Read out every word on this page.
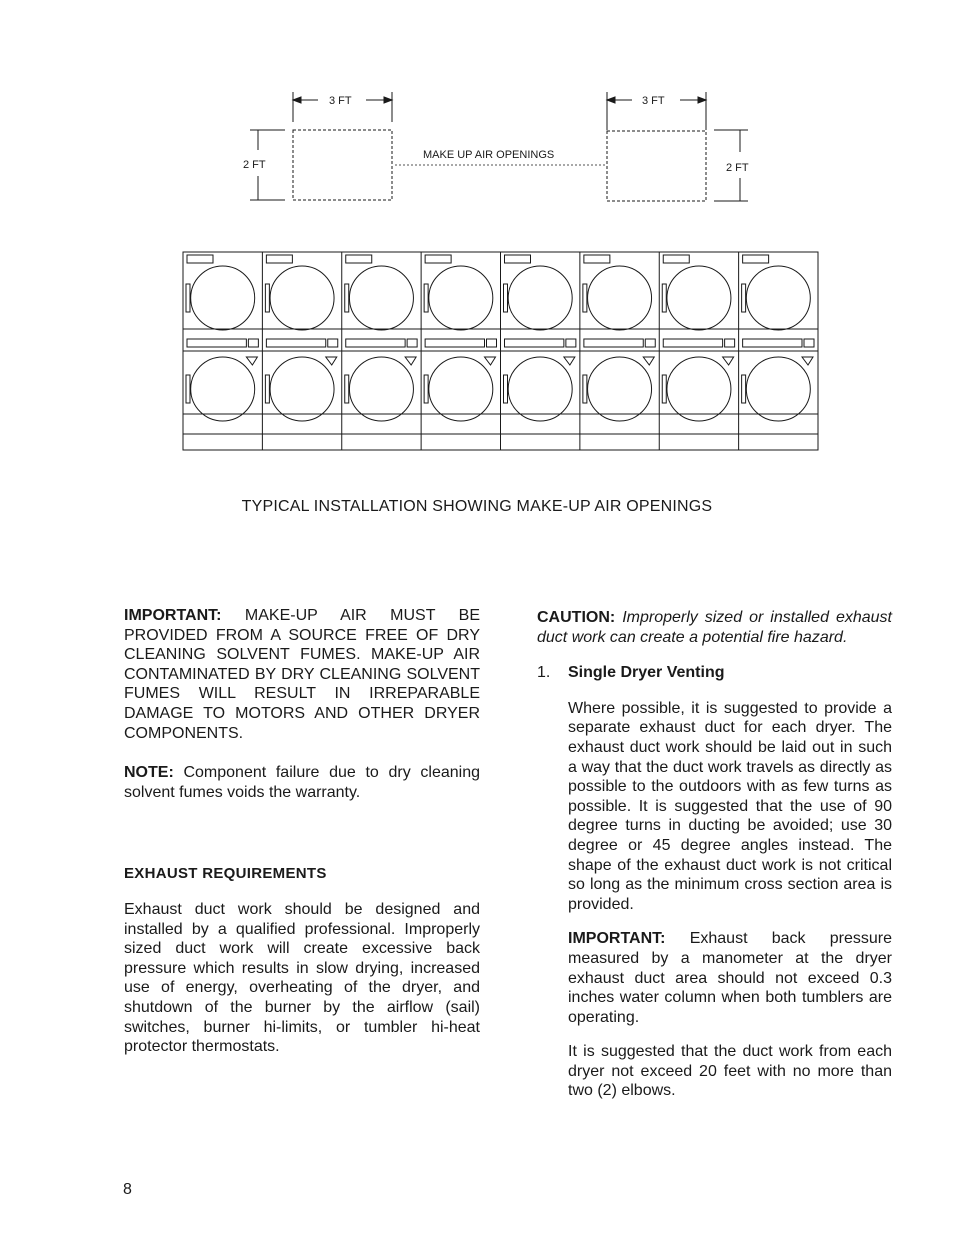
3 FT
2 FT
3 FT
2 FT
MAKE UP AIR OPENINGS
TYPICAL INSTALLATION SHOWING MAKE-UP AIR OPENINGS

IMPORTANT: MAKE-UP AIR MUST BE PROVIDED FROM A SOURCE FREE OF DRY CLEANING SOLVENT FUMES. MAKE-UP AIR CONTAMINATED BY DRY CLEANING SOLVENT FUMES WILL RESULT IN IRREPARABLE DAMAGE TO MOTORS AND OTHER DRYER COMPONENTS.

NOTE: Component failure due to dry cleaning solvent fumes voids the warranty.

EXHAUST REQUIREMENTS

Exhaust duct work should be designed and installed by a qualified professional. Improperly sized duct work will create excessive back pressure which results in slow drying, increased use of energy, overheating of the dryer, and shutdown of the burner by the airflow (sail) switches, burner hi-limits, or tumbler hi-heat protector thermostats.

CAUTION: Improperly sized or installed exhaust duct work can create a potential fire hazard.

1. Single Dryer Venting

Where possible, it is suggested to provide a separate exhaust duct for each dryer. The exhaust duct work should be laid out in such a way that the duct work travels as directly as possible to the outdoors with as few turns as possible. It is suggested that the use of 90 degree turns in ducting be avoided; use 30 degree or 45 degree angles instead. The shape of the exhaust duct work is not critical so long as the minimum cross section area is provided.

IMPORTANT: Exhaust back pressure measured by a manometer at the dryer exhaust duct area should not exceed 0.3 inches water column when both tumblers are operating.

It is suggested that the duct work from each dryer not exceed 20 feet with no more than two (2) elbows.

8
